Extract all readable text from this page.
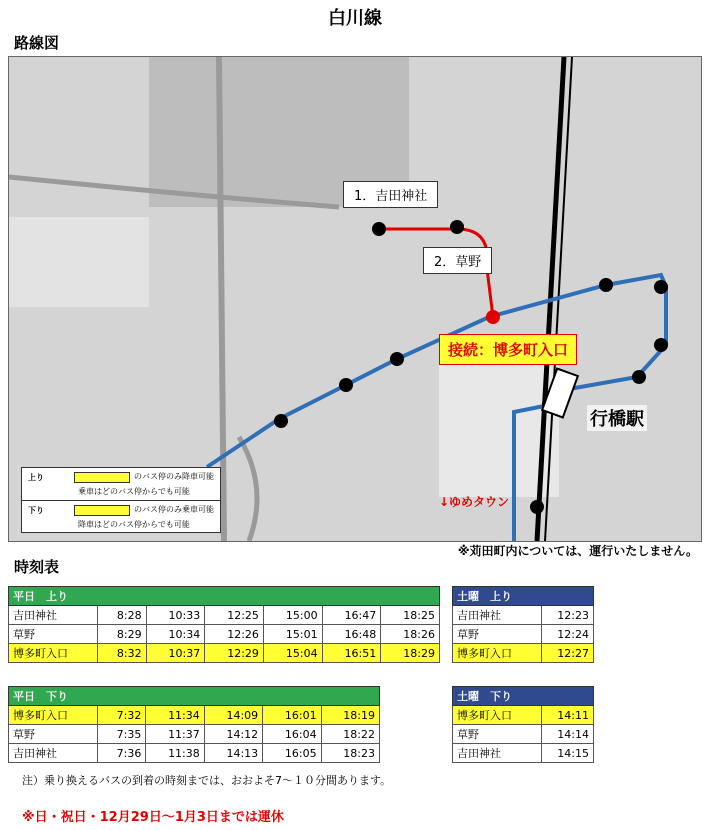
白川線
路線図
1．吉田神社
2．草野
接続：博多町入口
行橋駅
↓ゆめタウン
上り	のバス停のみ降車可能
乗車はどのバス停からでも可能
下り	のバス停のみ乗車可能
降車はどのバス停からでも可能
※苅田町内については、運行いたしません。
時刻表
平日　上り						
吉田神社	8:28	10:33	12:25	15:00	16:47	18:25
草野	8:29	10:34	12:26	15:01	16:48	18:26
博多町入口	8:32	10:37	12:29	15:04	16:51	18:29
土曜　上り	
吉田神社	12:23
草野	12:24
博多町入口	12:27
平日　下り					
博多町入口	7:32	11:34	14:09	16:01	18:19
草野	7:35	11:37	14:12	16:04	18:22
吉田神社	7:36	11:38	14:13	16:05	18:23
土曜　下り	
博多町入口	14:11
草野	14:14
吉田神社	14:15
注）乗り換えるバスの到着の時刻までは、おおよそ7～１０分間あります。
※日・祝日・12月29日～1月3日までは運休
